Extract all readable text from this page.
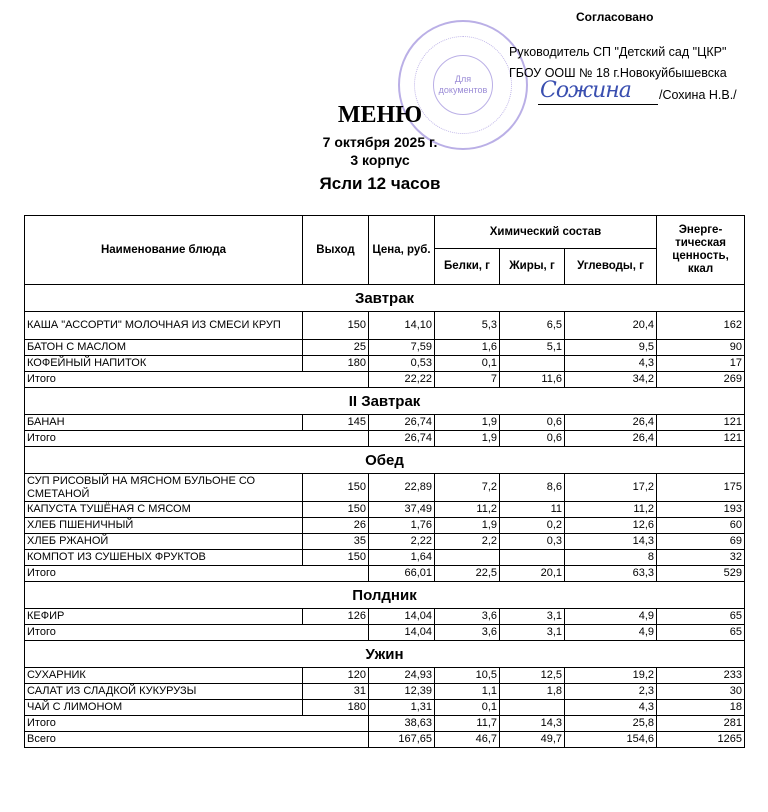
Для
документов
Согласовано
Руководитель СП "Детский сад "ЦКР"
ГБОУ ООШ № 18 г.Новокуйбышевска
Сожина /Сохина Н.В./
МЕНЮ
7 октября 2025 г.
3 корпус
Ясли 12 часов
Наименование блюда	Выход	Цена, руб.	Химический состав			Энерге-тическая ценность, ккал
			Белки, г	Жиры, г	Углеводы, г	
Завтрак						
КАША "АССОРТИ" МОЛОЧНАЯ ИЗ СМЕСИ КРУП	150	14,10	5,3	6,5	20,4	162
БАТОН С МАСЛОМ	25	7,59	1,6	5,1	9,5	90
КОФЕЙНЫЙ НАПИТОК	180	0,53	0,1		4,3	17
Итого		22,22	7	11,6	34,2	269
II Завтрак						
БАНАН	145	26,74	1,9	0,6	26,4	121
Итого		26,74	1,9	0,6	26,4	121
Обед						
СУП РИСОВЫЙ НА МЯСНОМ БУЛЬОНЕ СО СМЕТАНОЙ	150	22,89	7,2	8,6	17,2	175
КАПУСТА ТУШЁНАЯ С МЯСОМ	150	37,49	11,2	11	11,2	193
ХЛЕБ ПШЕНИЧНЫЙ	26	1,76	1,9	0,2	12,6	60
ХЛЕБ РЖАНОЙ	35	2,22	2,2	0,3	14,3	69
КОМПОТ ИЗ СУШЕНЫХ ФРУКТОВ	150	1,64			8	32
Итого		66,01	22,5	20,1	63,3	529
Полдник						
КЕФИР	126	14,04	3,6	3,1	4,9	65
Итого		14,04	3,6	3,1	4,9	65
Ужин						
СУХАРНИК	120	24,93	10,5	12,5	19,2	233
САЛАТ ИЗ СЛАДКОЙ КУКУРУЗЫ	31	12,39	1,1	1,8	2,3	30
ЧАЙ С ЛИМОНОМ	180	1,31	0,1		4,3	18
Итого		38,63	11,7	14,3	25,8	281
Всего		167,65	46,7	49,7	154,6	1265
